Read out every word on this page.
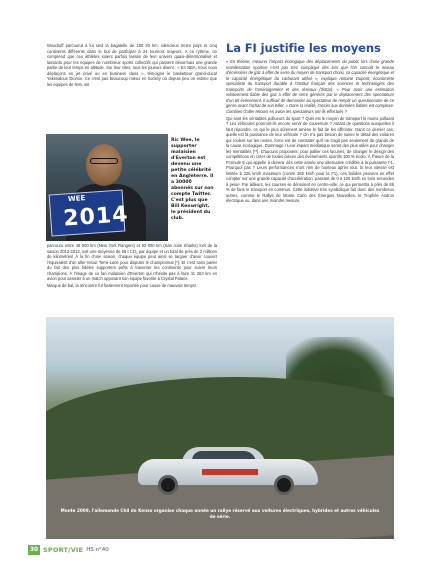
Woodruff parcourut à lui seul la bagatelle de 180 30 km, silencieux treize pays et cinq continents différents dans le but de participer à 24 tournois majeurs. A ce rythme, on comprend que ces athlètes soient parfois lassés de leur univers quasi-déterritorialisé et lassants pour les équipes de nombreux sports collectifs qui passent désormais une grande partie de leur temps en altitude. Sur leur sites, tous les joueurs disent : « En NBA, nous nous déplaçons en jet privé ou en business class », témoigne le basketteur grand-ducal Yakimaloux Diomin. Ce n'est pas beaucoup mieux en hockey où depuis peu on estime que les équipes de NHL ont

WEE
2014
Ric Wee, le supporter malaisien d'Everton est devenu une petite célébrité en Angleterre. Il a 30000 abonnés sur son compte Twitter. C'est plus que Bill Kenwright, le président du club.

parcouru entre 48 000 km (New York Rangers) et 92 000 km (San Jose Sharks) lors de la saison 2012-2013, soit une moyenne de 66 t CO₂ par équipe et un total de près de 2 millions de kilomètres! À la fin d'une saison, chaque équipe peut ainsi se targuer d'avoir couvert l'équivalent d'un aller-retour Terre-Lune pour disputer le championnat [*]. Et c'est sans parler du fait des plus fidèles supporters prêts à traverser les continents pour suivre leurs champions. À l'image de ce fan malaisien d'Everton qui n'hésite pas à faire 11 263 km en avion pour assister à un match opposant son équipe favorite à Crystal Palace.

Marque de bal, la rencontre fut finalement reportée pour cause de mauvais temps!

La FI justifie les moyens

« En théorie, mesurer l'impact écologique des déplacements du public lors d'une grande manifestation sportive n'est pas très compliqué dès lors que l'on connaît le niveau d'émissions de gaz à effet de serre du moyen de transport choisi, sa capacité énergétique et le capacité énergétique du carburant utilisé », explique Antoine Dupont, économiste spécialiste du transport durable à l'Institut français des sciences et technologies des transports de l'aménagement et des réseaux (Ifsttar). « Pour avoir une estimation relativement fiable des gaz à effet de serre générés par le déplacement des spectateurs d'un tel événement, il suffirait de demander au spectateur de remplir un questionnaire de ce genre avant l'achat de son billet. » Dans la réalité, l'accès aux données fiables est complexe. Combien d'aller-retours en avion les spectateurs ont-ils effectués ?

Qui sont les véritables pollueurs du sport ? Quel est le moyen de transport le moins polluant ? Les véhicules pourront-ils encore servir de couverture ? Autant de questions auxquelles il faut répondre, ce qui le plus sûrement amène le fait de les affronter. Dans ce dernier cas, quelle est la puissance de leur véhicule ? On n'a pas besoin de suivre le détail des voitures qui roulent sur les routes, force est de constater qu'il ne s'agit pas seulement de grands de la cause écologique. Dommage ! Leur impact médiatique serait des plus utiles pour changer les mentalités [**]. D'aucuns proposent, pour pallier ces lacunes, de changer le design des compétitions en créer de toutes pièces des événements sportifs 100 % écolo. À l'heure de la Formule E qui appelle à devenir dès cette année une alternative crédible à la puissante F1. Pourquoi pas ? Leurs performances n'ont rien de honteux après tout. Si leur vitesse est limitée à 225 km/h maximum (contre 365 km/h pour la F1), ces bolides peuvent en effet compter sur une grande capacité d'accélération, passant de 0 à 100 km/h en trois secondes à peine. Par ailleurs, les courses se déroulent en centre-ville, ce qui permettra à près de 85 % de fans le transport en commun. Cette initiative très symbolique fait donc des nombreux autres, comme le Rallye de Monte Carlo des Énergies Nouvelles, le Trophée Andros électrique ou, dans une moindre mesure,

Monte 2009, l'allemande Chil de Kenzo organise chaque année un rallye réservé aux voitures électriques, hybrides et autres véhicules de série.
30 SPORT/VIE HS n°40
